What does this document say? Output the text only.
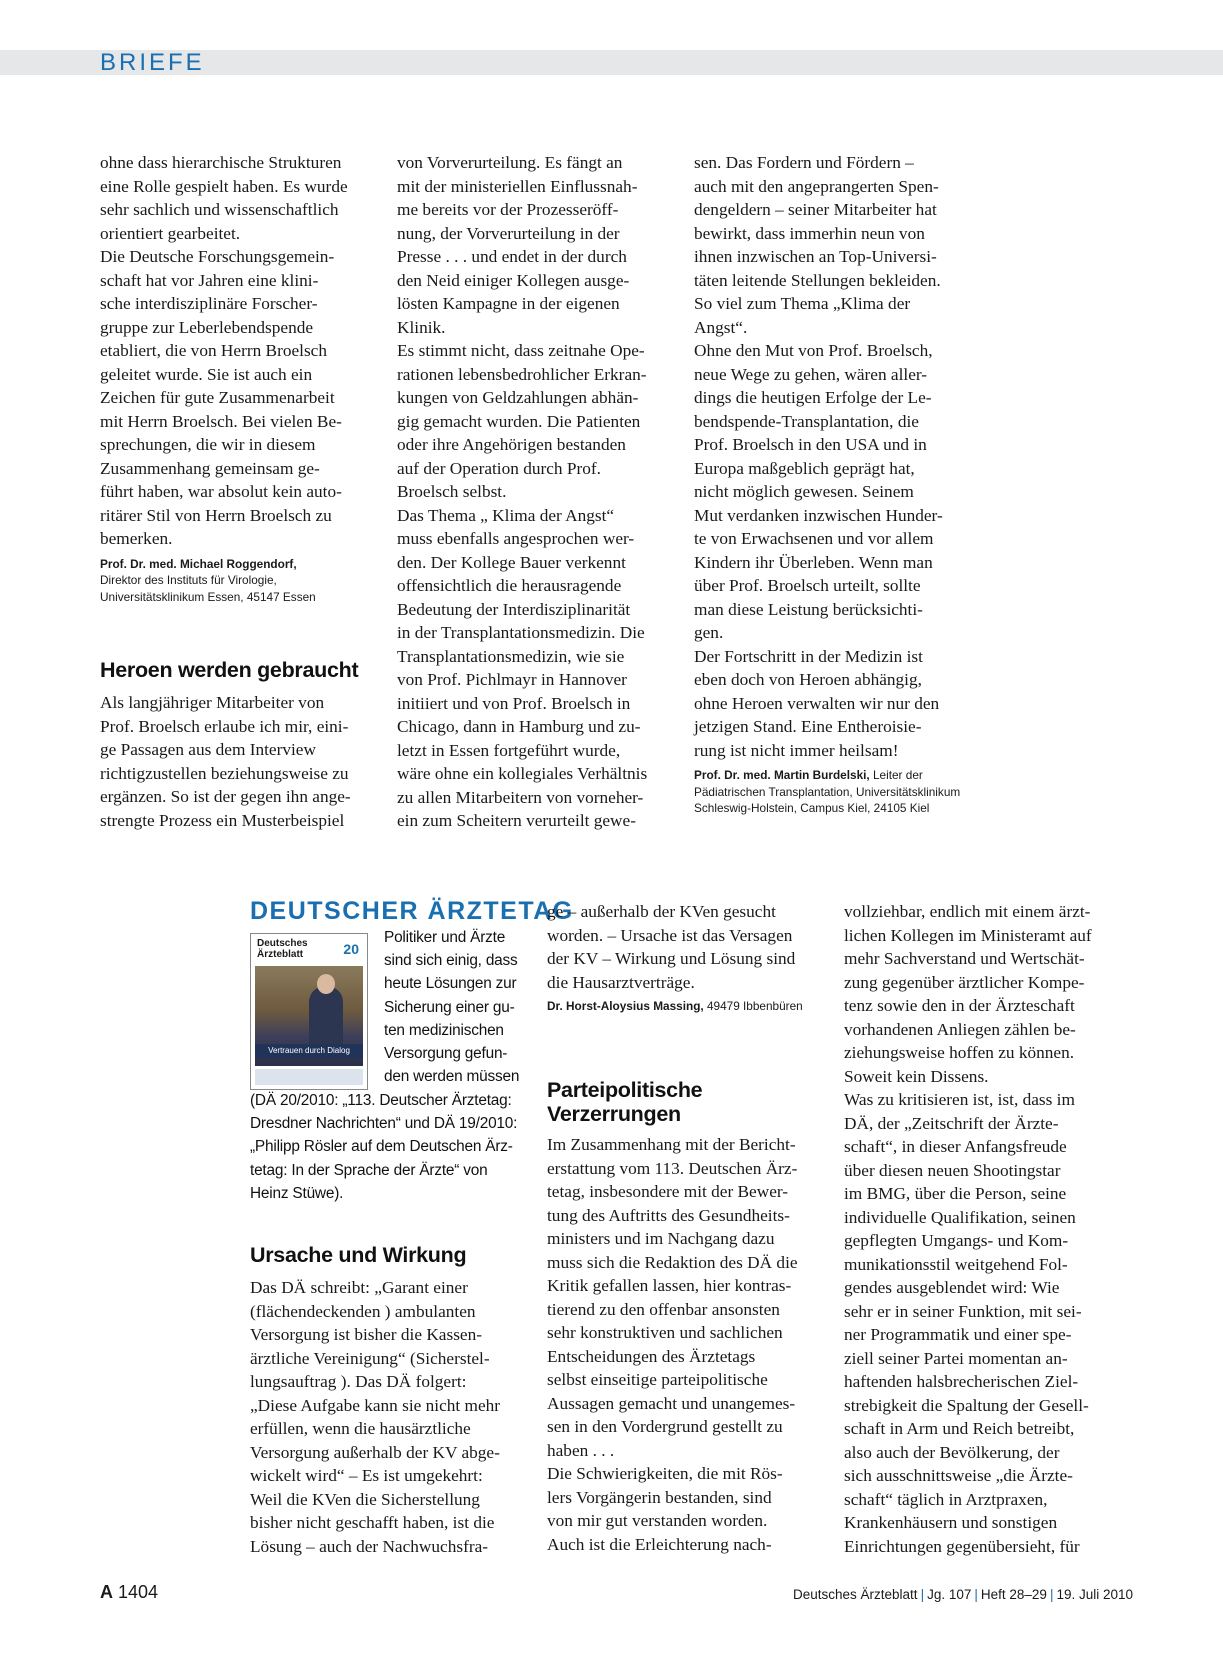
BRIEFE
ohne dass hierarchische Strukturen
eine Rolle gespielt haben. Es wurde
sehr sachlich und wissenschaftlich
orientiert gearbeitet.
Die Deutsche Forschungsgemein-
schaft hat vor Jahren eine klini-
sche interdisziplinäre Forscher-
gruppe zur Leberlebendspende
etabliert, die von Herrn Broelsch
geleitet wurde. Sie ist auch ein
Zeichen für gute Zusammenarbeit
mit Herrn Broelsch. Bei vielen Be-
sprechungen, die wir in diesem
Zusammenhang gemeinsam ge-
führt haben, war absolut kein auto-
ritärer Stil von Herrn Broelsch zu
bemerken.
Prof. Dr. med. Michael Roggendorf,
Direktor des Instituts für Virologie,
Universitätsklinikum Essen, 45147 Essen
Heroen werden gebraucht
Als langjähriger Mitarbeiter von
Prof. Broelsch erlaube ich mir, eini-
ge Passagen aus dem Interview
richtigzustellen beziehungsweise zu
ergänzen. So ist der gegen ihn ange-
strengte Prozess ein Musterbeispiel
von Vorverurteilung. Es fängt an
mit der ministeriellen Einflussnah-
me bereits vor der Prozesseröff-
nung, der Vorverurteilung in der
Presse . . . und endet in der durch
den Neid einiger Kollegen ausge-
lösten Kampagne in der eigenen
Klinik.
Es stimmt nicht, dass zeitnahe Ope-
rationen lebensbedrohlicher Erkran-
kungen von Geldzahlungen abhän-
gig gemacht wurden. Die Patienten
oder ihre Angehörigen bestanden
auf der Operation durch Prof.
Broelsch selbst.
Das Thema „ Klima der Angst“
muss ebenfalls angesprochen wer-
den. Der Kollege Bauer verkennt
offensichtlich die herausragende
Bedeutung der Interdisziplinarität
in der Transplantationsmedizin. Die
Transplantationsmedizin, wie sie
von Prof. Pichlmayr in Hannover
initiiert und von Prof. Broelsch in
Chicago, dann in Hamburg und zu-
letzt in Essen fortgeführt wurde,
wäre ohne ein kollegiales Verhältnis
zu allen Mitarbeitern von vorneher-
ein zum Scheitern verurteilt gewe-
sen. Das Fordern und Fördern –
auch mit den angeprangerten Spen-
dengeldern – seiner Mitarbeiter hat
bewirkt, dass immerhin neun von
ihnen inzwischen an Top-Universi-
täten leitende Stellungen bekleiden.
So viel zum Thema „Klima der
Angst“.
Ohne den Mut von Prof. Broelsch,
neue Wege zu gehen, wären aller-
dings die heutigen Erfolge der Le-
bendspende-Transplantation, die
Prof. Broelsch in den USA und in
Europa maßgeblich geprägt hat,
nicht möglich gewesen. Seinem
Mut verdanken inzwischen Hunder-
te von Erwachsenen und vor allem
Kindern ihr Überleben. Wenn man
über Prof. Broelsch urteilt, sollte
man diese Leistung berücksichti-
gen.
Der Fortschritt in der Medizin ist
eben doch von Heroen abhängig,
ohne Heroen verwalten wir nur den
jetzigen Stand. Eine Entheroisie-
rung ist nicht immer heilsam!
Prof. Dr. med. Martin Burdelski, Leiter der
Pädiatrischen Transplantation, Universitätsklinikum
Schleswig-Holstein, Campus Kiel, 24105 Kiel
DEUTSCHER ÄRZTETAG
Deutsches
Ärzteblatt	20
Vertrauen durch Dialog
Politiker und Ärzte
sind sich einig, dass
heute Lösungen zur
Sicherung einer gu-
ten medizinischen
Versorgung gefun-
den werden müssen
(DÄ 20/2010: „113. Deutscher Ärztetag:
Dresdner Nachrichten“ und DÄ 19/2010:
„Philipp Rösler auf dem Deutschen Ärz-
tetag: In der Sprache der Ärzte“ von
Heinz Stüwe).
Ursache und Wirkung
Das DÄ schreibt: „Garant einer
(flächendeckenden ) ambulanten
Versorgung ist bisher die Kassen-
ärztliche Vereinigung“ (Sicherstel-
lungsauftrag ). Das DÄ folgert:
„Diese Aufgabe kann sie nicht mehr
erfüllen, wenn die hausärztliche
Versorgung außerhalb der KV abge-
wickelt wird“ – Es ist umgekehrt:
Weil die KVen die Sicherstellung
bisher nicht geschafft haben, ist die
Lösung – auch der Nachwuchsfra-
ge – außerhalb der KVen gesucht
worden. – Ursache ist das Versagen
der KV – Wirkung und Lösung sind
die Hausarztverträge.
Dr. Horst-Aloysius Massing, 49479 Ibbenbüren
Parteipolitische
Verzerrungen
Im Zusammenhang mit der Bericht-
erstattung vom 113. Deutschen Ärz-
tetag, insbesondere mit der Bewer-
tung des Auftritts des Gesundheits-
ministers und im Nachgang dazu
muss sich die Redaktion des DÄ die
Kritik gefallen lassen, hier kontras-
tierend zu den offenbar ansonsten
sehr konstruktiven und sachlichen
Entscheidungen des Ärztetags
selbst einseitige parteipolitische
Aussagen gemacht und unangemes-
sen in den Vordergrund gestellt zu
haben . . .
Die Schwierigkeiten, die mit Rös-
lers Vorgängerin bestanden, sind
von mir gut verstanden worden.
Auch ist die Erleichterung nach-
vollziehbar, endlich mit einem ärzt-
lichen Kollegen im Ministeramt auf
mehr Sachverstand und Wertschät-
zung gegenüber ärztlicher Kompe-
tenz sowie den in der Ärzteschaft
vorhandenen Anliegen zählen be-
ziehungsweise hoffen zu können.
Soweit kein Dissens.
Was zu kritisieren ist, ist, dass im
DÄ, der „Zeitschrift der Ärzte-
schaft“, in dieser Anfangsfreude
über diesen neuen Shootingstar
im BMG, über die Person, seine
individuelle Qualifikation, seinen
gepflegten Umgangs- und Kom-
munikationsstil weitgehend Fol-
gendes ausgeblendet wird: Wie
sehr er in seiner Funktion, mit sei-
ner Programmatik und einer spe-
ziell seiner Partei momentan an-
haftenden halsbrecherischen Ziel-
strebigkeit die Spaltung der Gesell-
schaft in Arm und Reich betreibt,
also auch der Bevölkerung, der
sich ausschnittsweise „die Ärzte-
schaft“ täglich in Arztpraxen,
Krankenhäusern und sonstigen
Einrichtungen gegenübersieht, für
A 1404	Deutsches Ärzteblatt | Jg. 107 | Heft 28–29 | 19. Juli 2010
